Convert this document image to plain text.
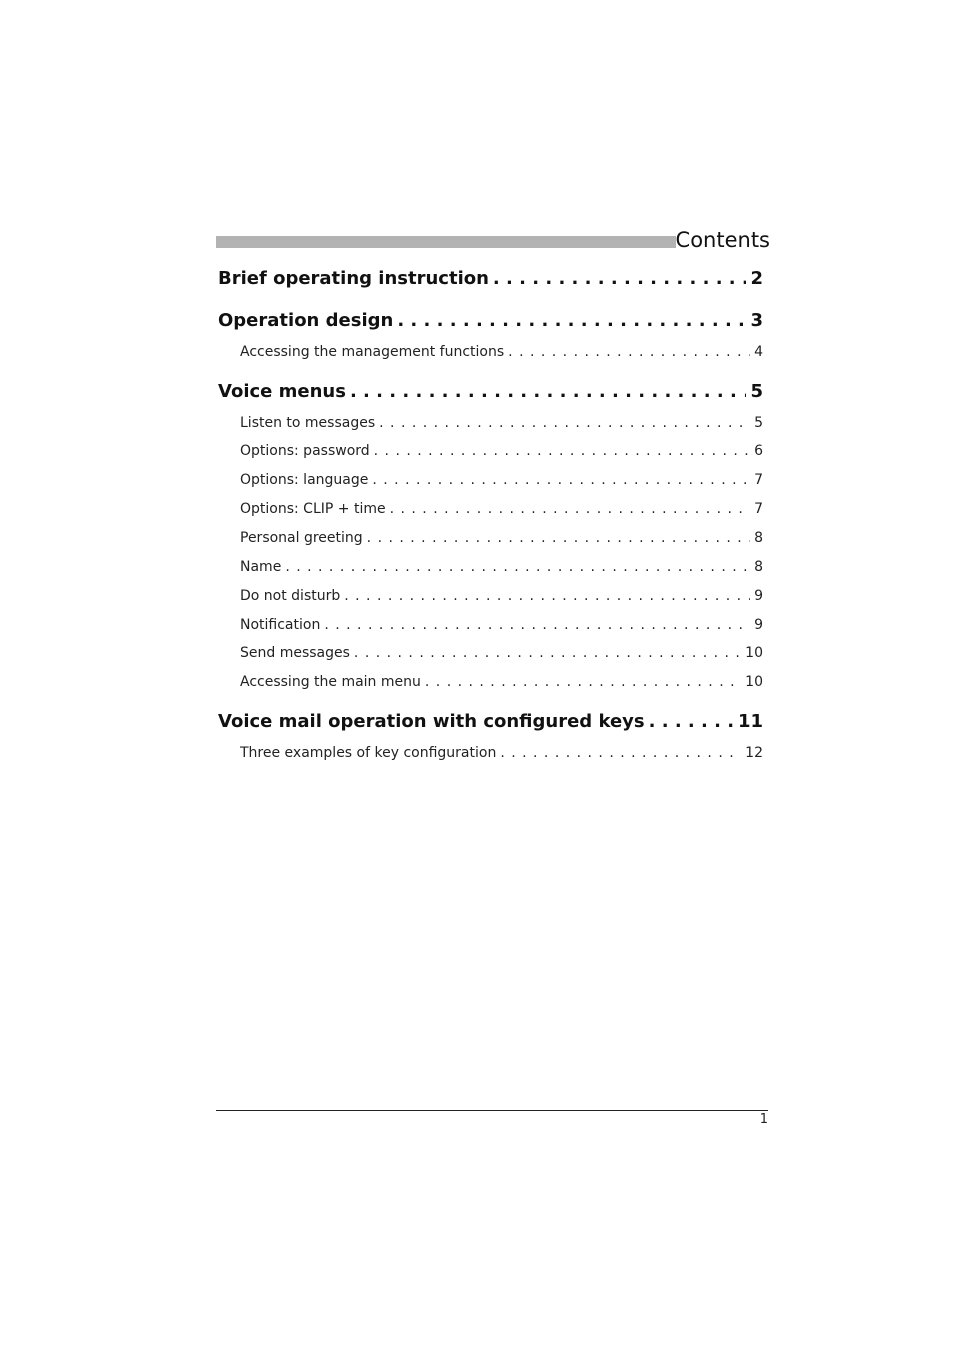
Contents
Brief operating instruction . . .	2
Operation design . . .	3
Accessing the management functions . . .	4
Voice menus . . .	5
Listen to messages . . .	5
Options: password . . .	6
Options: language . . .	7
Options: CLIP + time . . .	7
Personal greeting . . .	8
Name . . .	8
Do not disturb . . .	9
Notification . . .	9
Send messages . . .	10
Accessing the main menu . . .	10
Voice mail operation with configured keys . . .	11
Three examples of key configuration . . .	12
1
